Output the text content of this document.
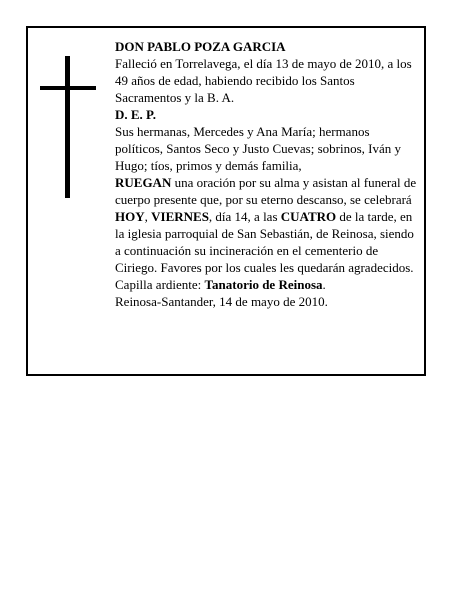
DON PABLO POZA GARCIA

Falleció en Torrelavega, el día 13 de mayo de 2010, a los 49 años de edad, habiendo recibido los Santos Sacramentos y la B. A.

D. E. P.

Sus hermanas, Mercedes y Ana María; hermanos políticos, Santos Seco y Justo Cuevas; sobrinos, Iván y Hugo; tíos, primos y demás familia,

RUEGAN una oración por su alma y asistan al funeral de cuerpo presente que, por su eterno descanso, se celebrará HOY, VIERNES, día 14, a las CUATRO de la tarde, en la iglesia parroquial de San Sebastián, de Reinosa, siendo a continuación su incineración en el cementerio de Ciriego. Favores por los cuales les quedarán agradecidos. Capilla ardiente: Tanatorio de Reinosa.

Reinosa-Santander, 14 de mayo de 2010.
